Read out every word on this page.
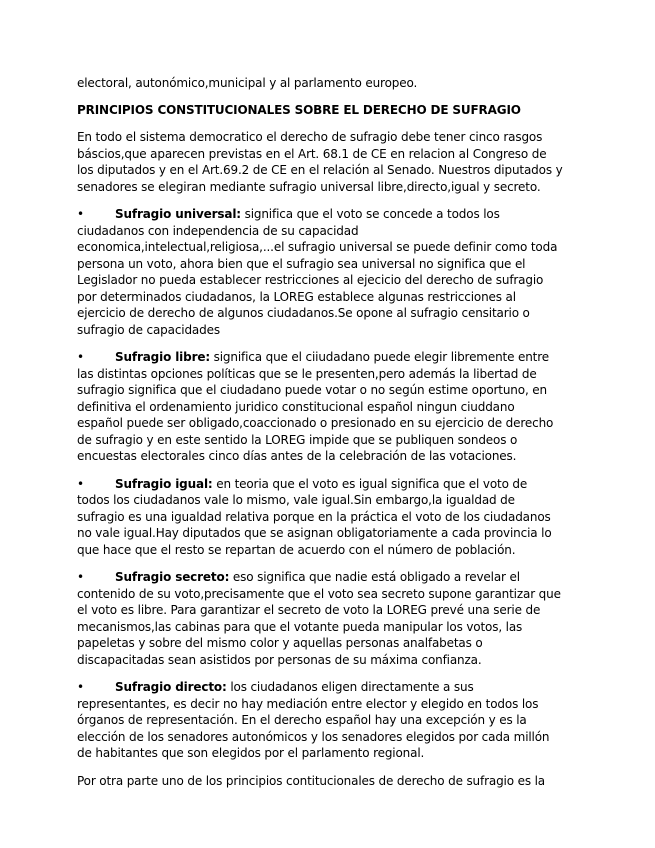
electoral, autonómico,municipal y al parlamento europeo.

PRINCIPIOS CONSTITUCIONALES SOBRE EL DERECHO DE SUFRAGIO

En todo el sistema democratico el derecho de sufragio debe tener cinco rasgos báscios,que aparecen previstas en el Art. 68.1 de CE en relacion al Congreso de los diputados y en el Art.69.2 de CE en el relación al Senado. Nuestros diputados y senadores se elegiran mediante sufragio universal libre,directo,igual y secreto.

•	Sufragio universal: significa que el voto se concede a todos los ciudadanos con independencia de su capacidad economica,intelectual,religiosa,...el sufragio universal se puede definir como toda persona un voto, ahora bien que el sufragio sea universal no significa que el Legislador no pueda establecer restricciones al ejecicio del derecho de sufragio por determinados ciudadanos, la LOREG establece algunas restricciones al ejercicio de derecho de algunos ciudadanos.Se opone al sufragio censitario o sufragio de capacidades

•	Sufragio libre: significa que el ciiudadano puede elegir libremente entre las distintas opciones políticas que se le presenten,pero además la libertad de sufragio significa que el ciudadano puede votar o no según estime oportuno, en definitiva el ordenamiento juridico constitucional español ningun ciuddano español puede ser obligado,coaccionado o presionado en su ejercicio de derecho de sufragio y en este sentido la LOREG impide que se publiquen sondeos o encuestas electorales cinco días antes de la celebración de las votaciones.

•	Sufragio igual: en teoria que el voto es igual significa que el voto de todos los ciudadanos vale lo mismo, vale igual.Sin embargo,la igualdad de sufragio es una igualdad relativa porque en la práctica el voto de los ciudadanos no vale igual.Hay diputados que se asignan obligatoriamente a cada provincia lo que hace que el resto se repartan de acuerdo con el número de población.

•	Sufragio secreto: eso significa que nadie está obligado a revelar el contenido de su voto,precisamente que el voto sea secreto supone garantizar que el voto es libre. Para garantizar el secreto de voto la LOREG prevé una serie de mecanismos,las cabinas para que el votante pueda manipular los votos, las papeletas y sobre del mismo color y aquellas personas analfabetas o discapacitadas sean asistidos por personas de su máxima confianza.

•	Sufragio directo: los ciudadanos eligen directamente a sus representantes, es decir no hay mediación entre elector y elegido en todos los órganos de representación. En el derecho español hay una excepción y es la elección de los senadores autonómicos y los senadores elegidos por cada millón de habitantes que son elegidos por el parlamento regional.

Por otra parte uno de los principios contitucionales de derecho de sufragio es la
